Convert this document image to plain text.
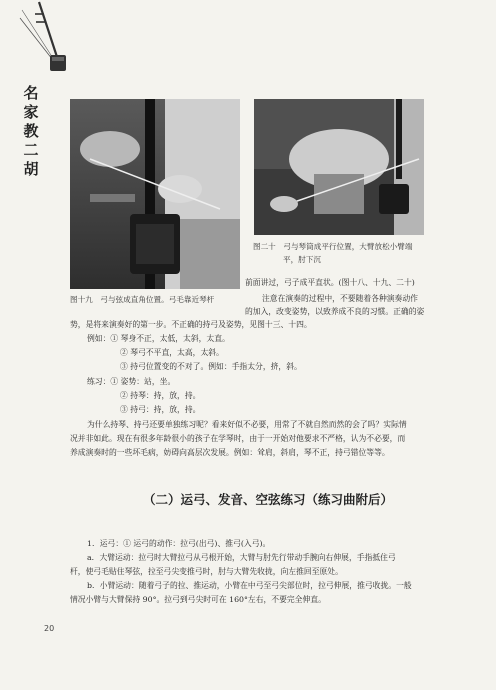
名
家
教
二
胡
图十九　弓与弦成直角位置。弓毛靠近琴杆
图二十　弓与琴筒成平行位置，大臂放松小臂端
平，肘下沉
前面讲过，弓子成平直状。(图十八、十九、二十)
注意在演奏的过程中，不要随着各种演奏动作
的加入，改变姿势，以致养成不良的习惯。正确的姿
势，是将来演奏好的第一步。不正确的持弓及姿势，见图十三、十四。
例如：① 琴身不正，太低，太斜，太直。
② 琴弓不平直，太高，太斜。
③ 持弓位置变的不对了。例如：手指太分，挤，斜。
练习：① 姿势：站，坐。
② 持琴：持，放，持。
③ 持弓：持，放，持。
为什么持琴、持弓还要单独练习呢？看来好似不必要，用常了不就自然而然的会了吗？实际情
况并非如此。现在有很多年龄很小的孩子在学琴时，由于一开始对他要求不严格，认为不必要，而
养成演奏时的一些坏毛病，妨碍向高层次发展。例如：耸肩，斜肩，琴不正，持弓错位等等。
（二）运弓、发音、空弦练习（练习曲附后）
1．运弓：① 运弓的动作：拉弓(出弓)、推弓(入弓)。
a．大臂运动：拉弓时大臂拉弓从弓根开始，大臂与肘先行带动手腕向右伸展，手指抵住弓
杆，使弓毛贴住琴弦，拉至弓尖变推弓时，肘与大臂先收拢，向左推回至原处。
b．小臂运动：随着弓子的拉、推运动，小臂在中弓至弓尖部位时，拉弓伸展，推弓收拢。一般
情况小臂与大臂保持 90°。拉弓到弓尖时可在 160°左右，不要完全伸直。
20
